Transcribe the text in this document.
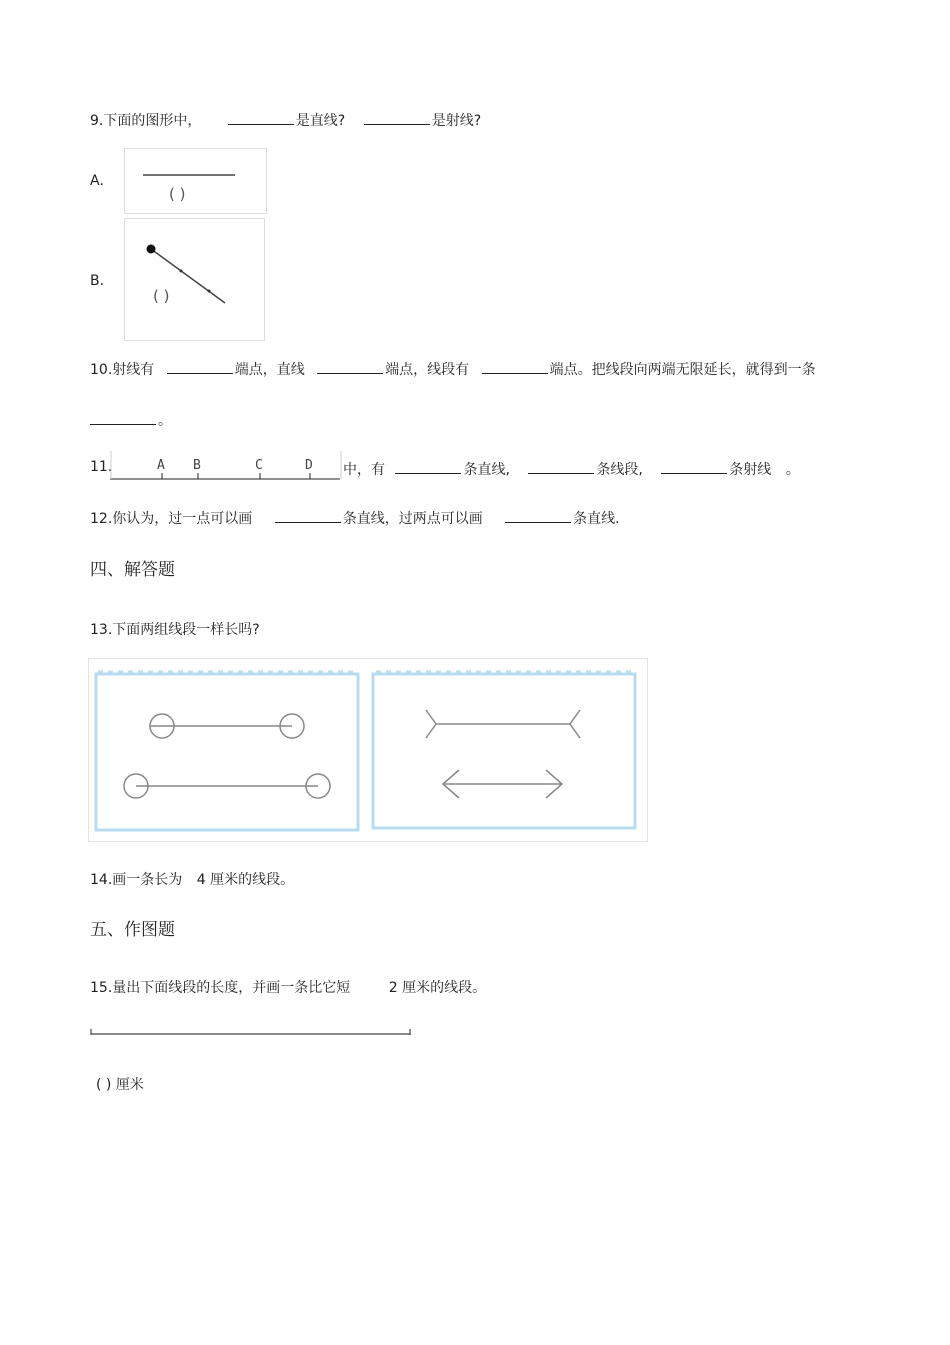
9.下面的图形中，	是直线?	是射线?
A.
( )
B.
( )
10.射线有	端点，直线	端点，线段有	端点。把线段向两端无限延长，就得到一条
。
11.	A B	C	D 中，有	条直线,	条线段,	条射线 。
12.你认为，过一点可以画	条直线，过两点可以画	条直线.
四、解答题
13.下面两组线段一样长吗?
14.画一条长为 4 厘米的线段。
五、作图题
15.量出下面线段的长度，并画一条比它短	2 厘米的线段。
( ) 厘米
